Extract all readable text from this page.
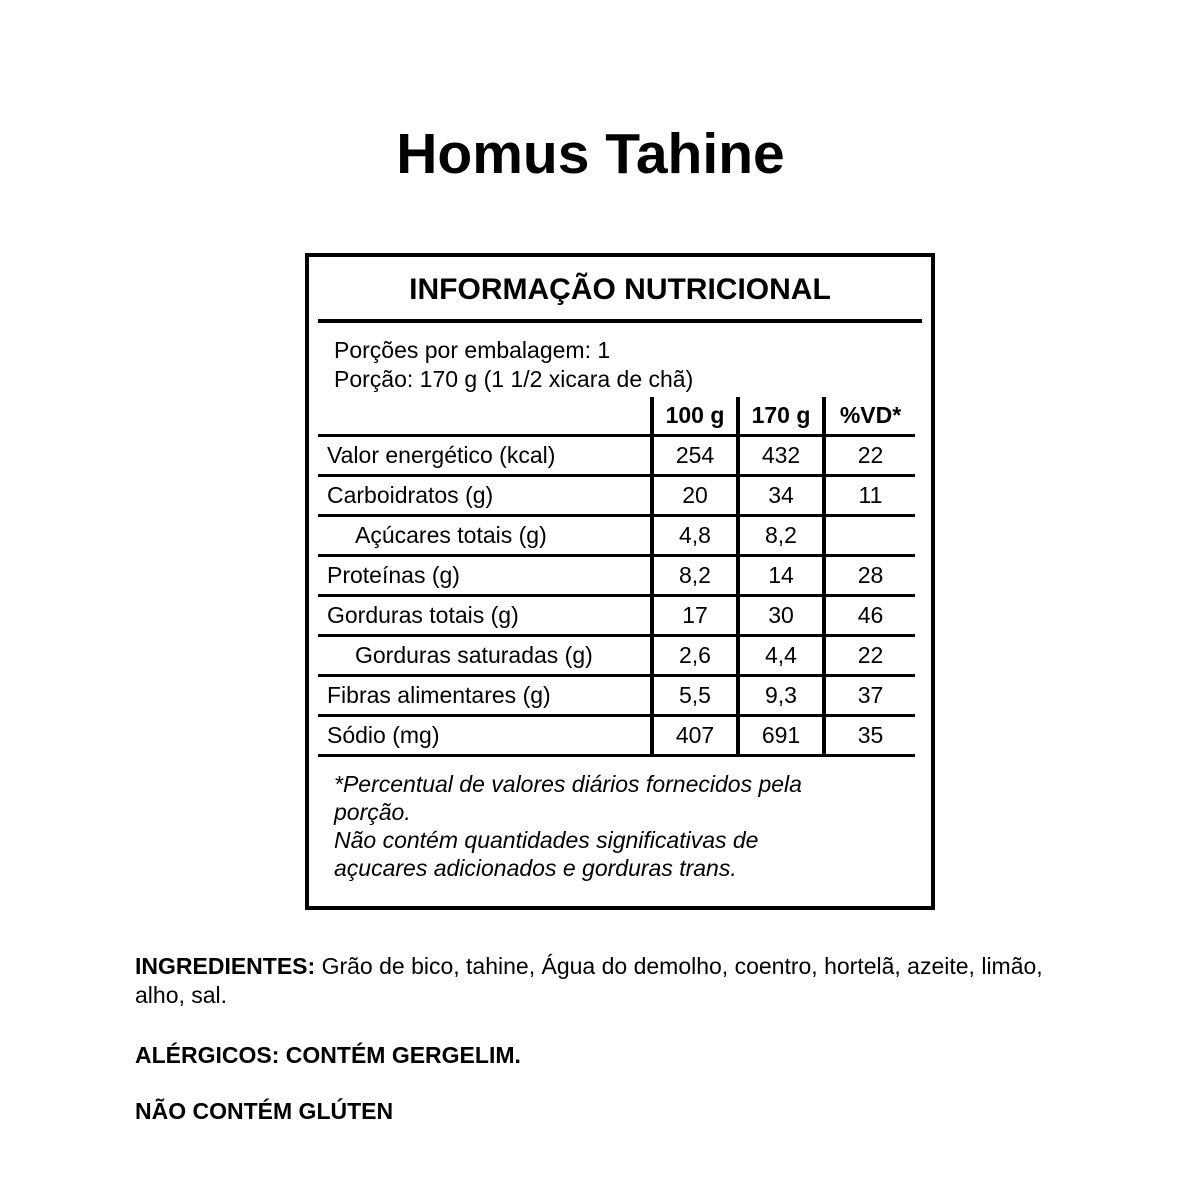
Homus Tahine
INFORMAÇÃO NUTRICIONAL
Porções por embalagem: 1
Porção: 170 g (1 1/2 xicara de chã)
	100 g	170 g	%VD*
Valor energético (kcal)	254	432	22
Carboidratos (g)	20	34	11
Açúcares totais (g)	4,8	8,2	
Proteínas (g)	8,2	14	28
Gorduras totais (g)	17	30	46
Gorduras saturadas (g)	2,6	4,4	22
Fibras alimentares (g)	5,5	9,3	37
Sódio (mg)	407	691	35
*Percentual de valores diários fornecidos pela
porção.
Não contém quantidades significativas de
açucares adicionados e gorduras trans.

INGREDIENTES: Grão de bico, tahine, Água do demolho, coentro, hortelã, azeite, limão, alho, sal.

ALÉRGICOS: CONTÉM GERGELIM.

NÃO CONTÉM GLÚTEN
